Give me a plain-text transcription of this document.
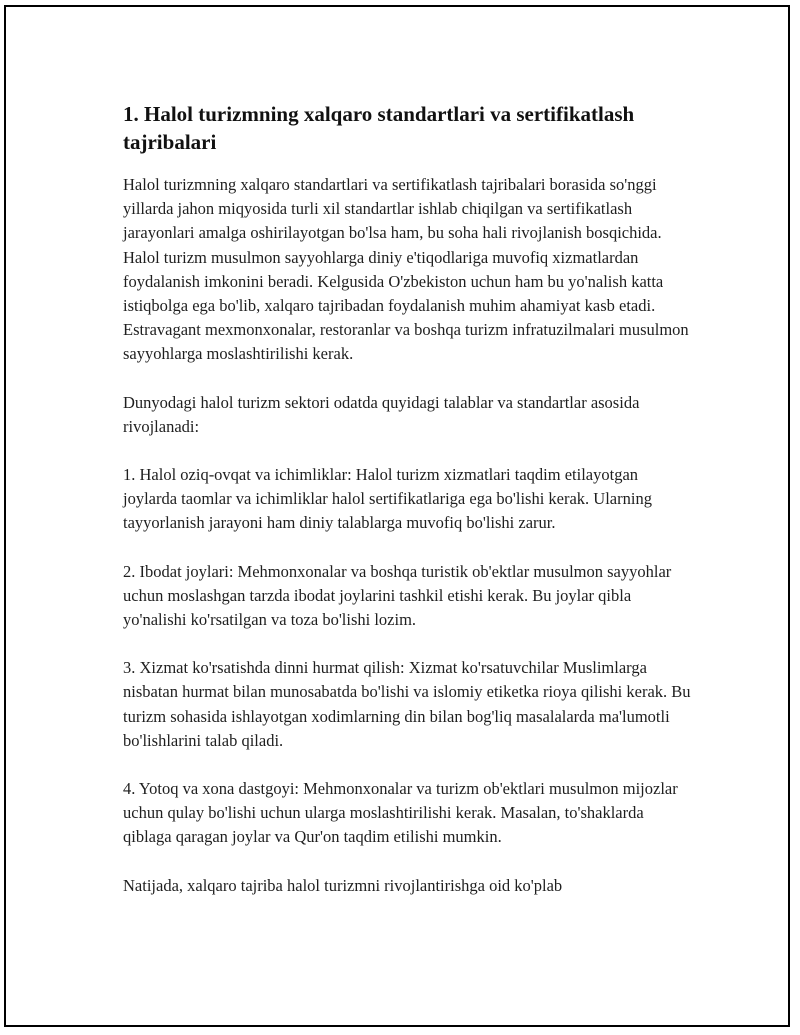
1. Halol turizmning xalqaro standartlari va sertifikatlash tajribalari

Halol turizmning xalqaro standartlari va sertifikatlash tajribalari borasida so'nggi yillarda jahon miqyosida turli xil standartlar ishlab chiqilgan va sertifikatlash jarayonlari amalga oshirilayotgan bo'lsa ham, bu soha hali rivojlanish bosqichida. Halol turizm musulmon sayyohlarga diniy e'tiqodlariga muvofiq xizmatlardan foydalanish imkonini beradi. Kelgusida O'zbekiston uchun ham bu yo'nalish katta istiqbolga ega bo'lib, xalqaro tajribadan foydalanish muhim ahamiyat kasb etadi. Estravagant mexmonxonalar, restoranlar va boshqa turizm infratuzilmalari musulmon sayyohlarga moslashtirilishi kerak.

Dunyodagi halol turizm sektori odatda quyidagi talablar va standartlar asosida rivojlanadi:

1. Halol oziq-ovqat va ichimliklar: Halol turizm xizmatlari taqdim etilayotgan joylarda taomlar va ichimliklar halol sertifikatlariga ega bo'lishi kerak. Ularning tayyorlanish jarayoni ham diniy talablarga muvofiq bo'lishi zarur.

2. Ibodat joylari: Mehmonxonalar va boshqa turistik ob'ektlar musulmon sayyohlar uchun moslashgan tarzda ibodat joylarini tashkil etishi kerak. Bu joylar qibla yo'nalishi ko'rsatilgan va toza bo'lishi lozim.

3. Xizmat ko'rsatishda dinni hurmat qilish: Xizmat ko'rsatuvchilar Muslimlarga nisbatan hurmat bilan munosabatda bo'lishi va islomiy etiketka rioya qilishi kerak. Bu turizm sohasida ishlayotgan xodimlarning din bilan bog'liq masalalarda ma'lumotli bo'lishlarini talab qiladi.

4. Yotoq va xona dastgoyi: Mehmonxonalar va turizm ob'ektlari musulmon mijozlar uchun qulay bo'lishi uchun ularga moslashtirilishi kerak. Masalan, to'shaklarda qiblaga qaragan joylar va Qur'on taqdim etilishi mumkin.

Natijada, xalqaro tajriba halol turizmni rivojlantirishga oid ko'plab
